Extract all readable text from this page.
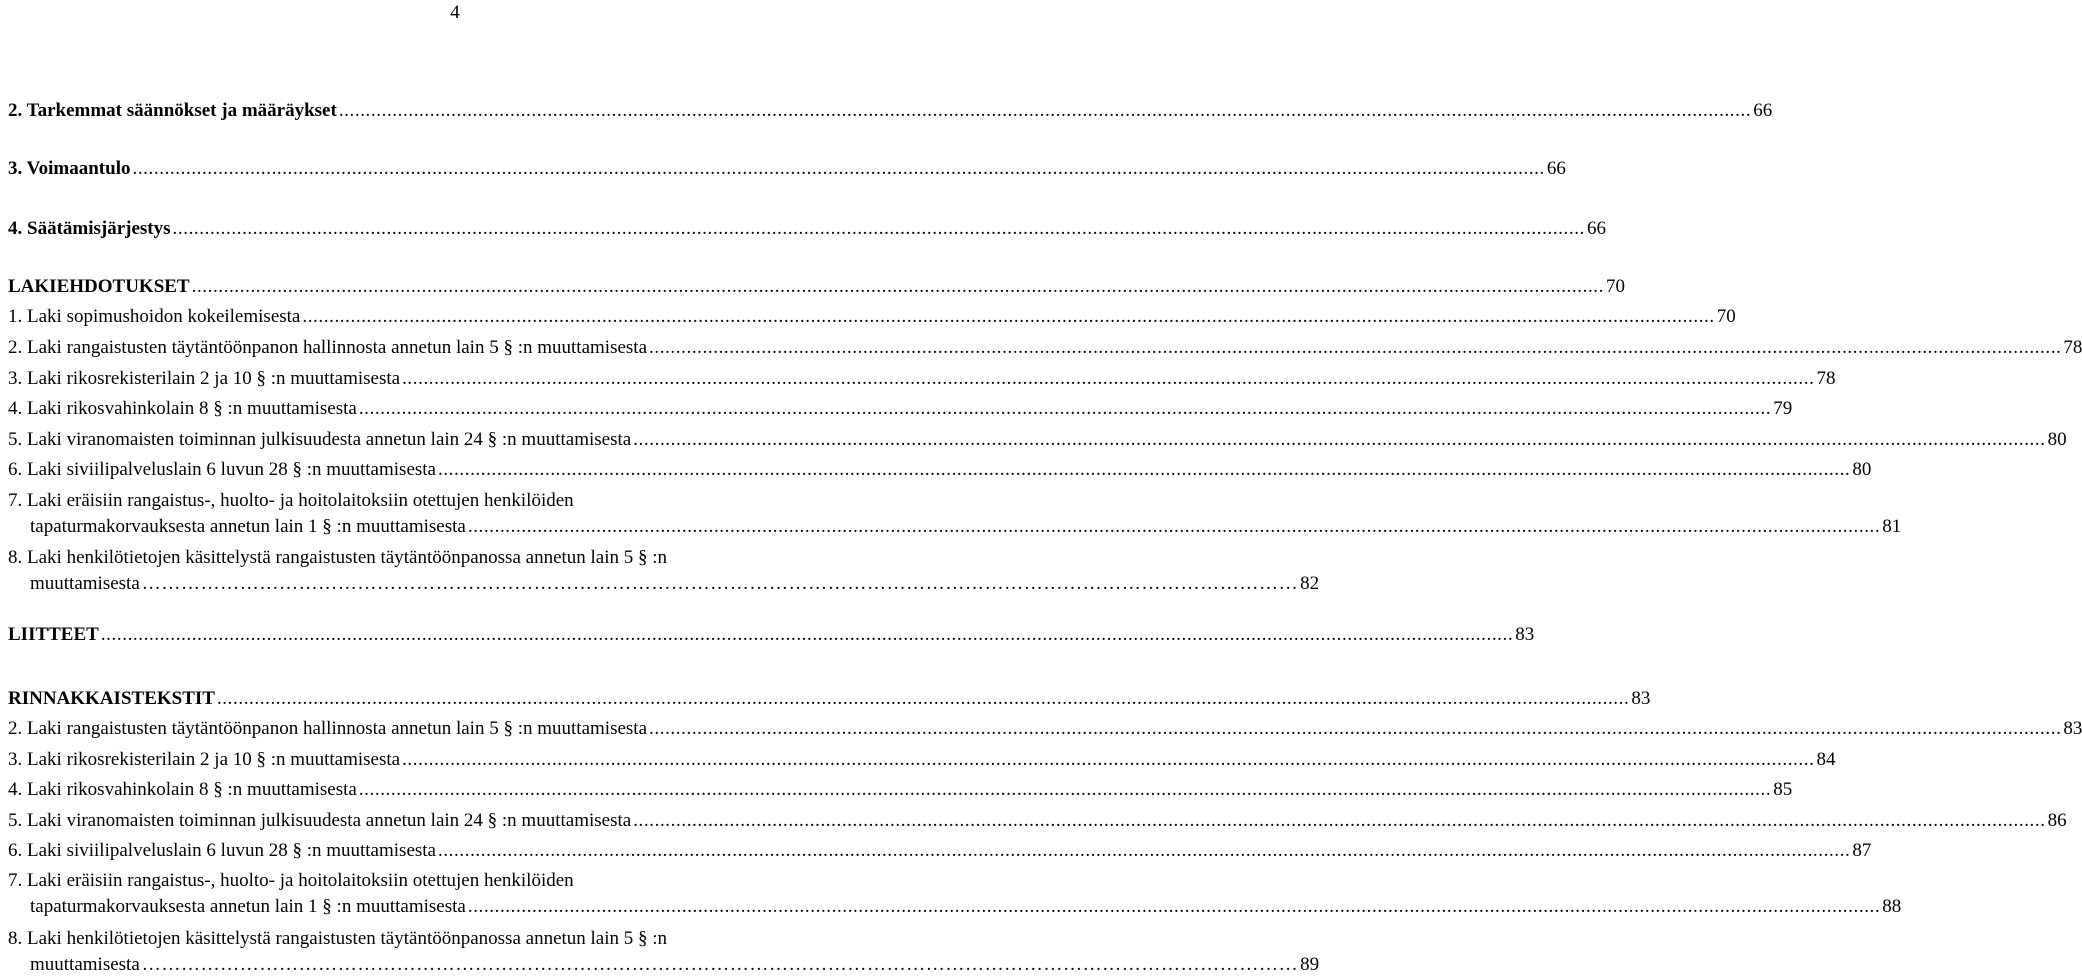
4
2. Tarkemmat säännökset ja määräykset .....	66
3. Voimaantulo .....	66
4. Säätämisjärjestys .....	66
LAKIEHDOTUKSET .....	70
1. Laki sopimushoidon kokeilemisesta .....	70
2. Laki rangaistusten täytäntöönpanon hallinnosta annetun lain 5 § :n muuttamisesta .....	78
3. Laki rikosrekisterilain 2 ja 10 § :n muuttamisesta .....	78
4. Laki rikosvahinkolain 8 § :n muuttamisesta .....	79
5. Laki viranomaisten toiminnan julkisuudesta annetun lain 24 § :n muuttamisesta .....	80
6. Laki siviilipalveluslain 6 luvun 28 § :n muuttamisesta .....	80
7. Laki eräisiin rangaistus-, huolto- ja hoitolaitoksiin otettujen henkilöiden
tapaturmakorvauksesta annetun lain 1 § :n muuttamisesta .....	81
8. Laki henkilötietojen käsittelystä rangaistusten täytäntöönpanossa annetun lain 5 § :n
muuttamisesta ……………………………………………………………………………………………………………………………………………………………	82
LIITTEET .....	83
RINNAKKAISTEKSTIT .....	83
2. Laki rangaistusten täytäntöönpanon hallinnosta annetun lain 5 § :n muuttamisesta .....	83
3. Laki rikosrekisterilain 2 ja 10 § :n muuttamisesta .....	84
4. Laki rikosvahinkolain 8 § :n muuttamisesta .....	85
5. Laki viranomaisten toiminnan julkisuudesta annetun lain 24 § :n muuttamisesta .....	86
6. Laki siviilipalveluslain 6 luvun 28 § :n muuttamisesta .....	87
7. Laki eräisiin rangaistus-, huolto- ja hoitolaitoksiin otettujen henkilöiden
tapaturmakorvauksesta annetun lain 1 § :n muuttamisesta .....	88
8. Laki henkilötietojen käsittelystä rangaistusten täytäntöönpanossa annetun lain 5 § :n
muuttamisesta ……………………………………………………………………………………………………………………………………………………………	89
